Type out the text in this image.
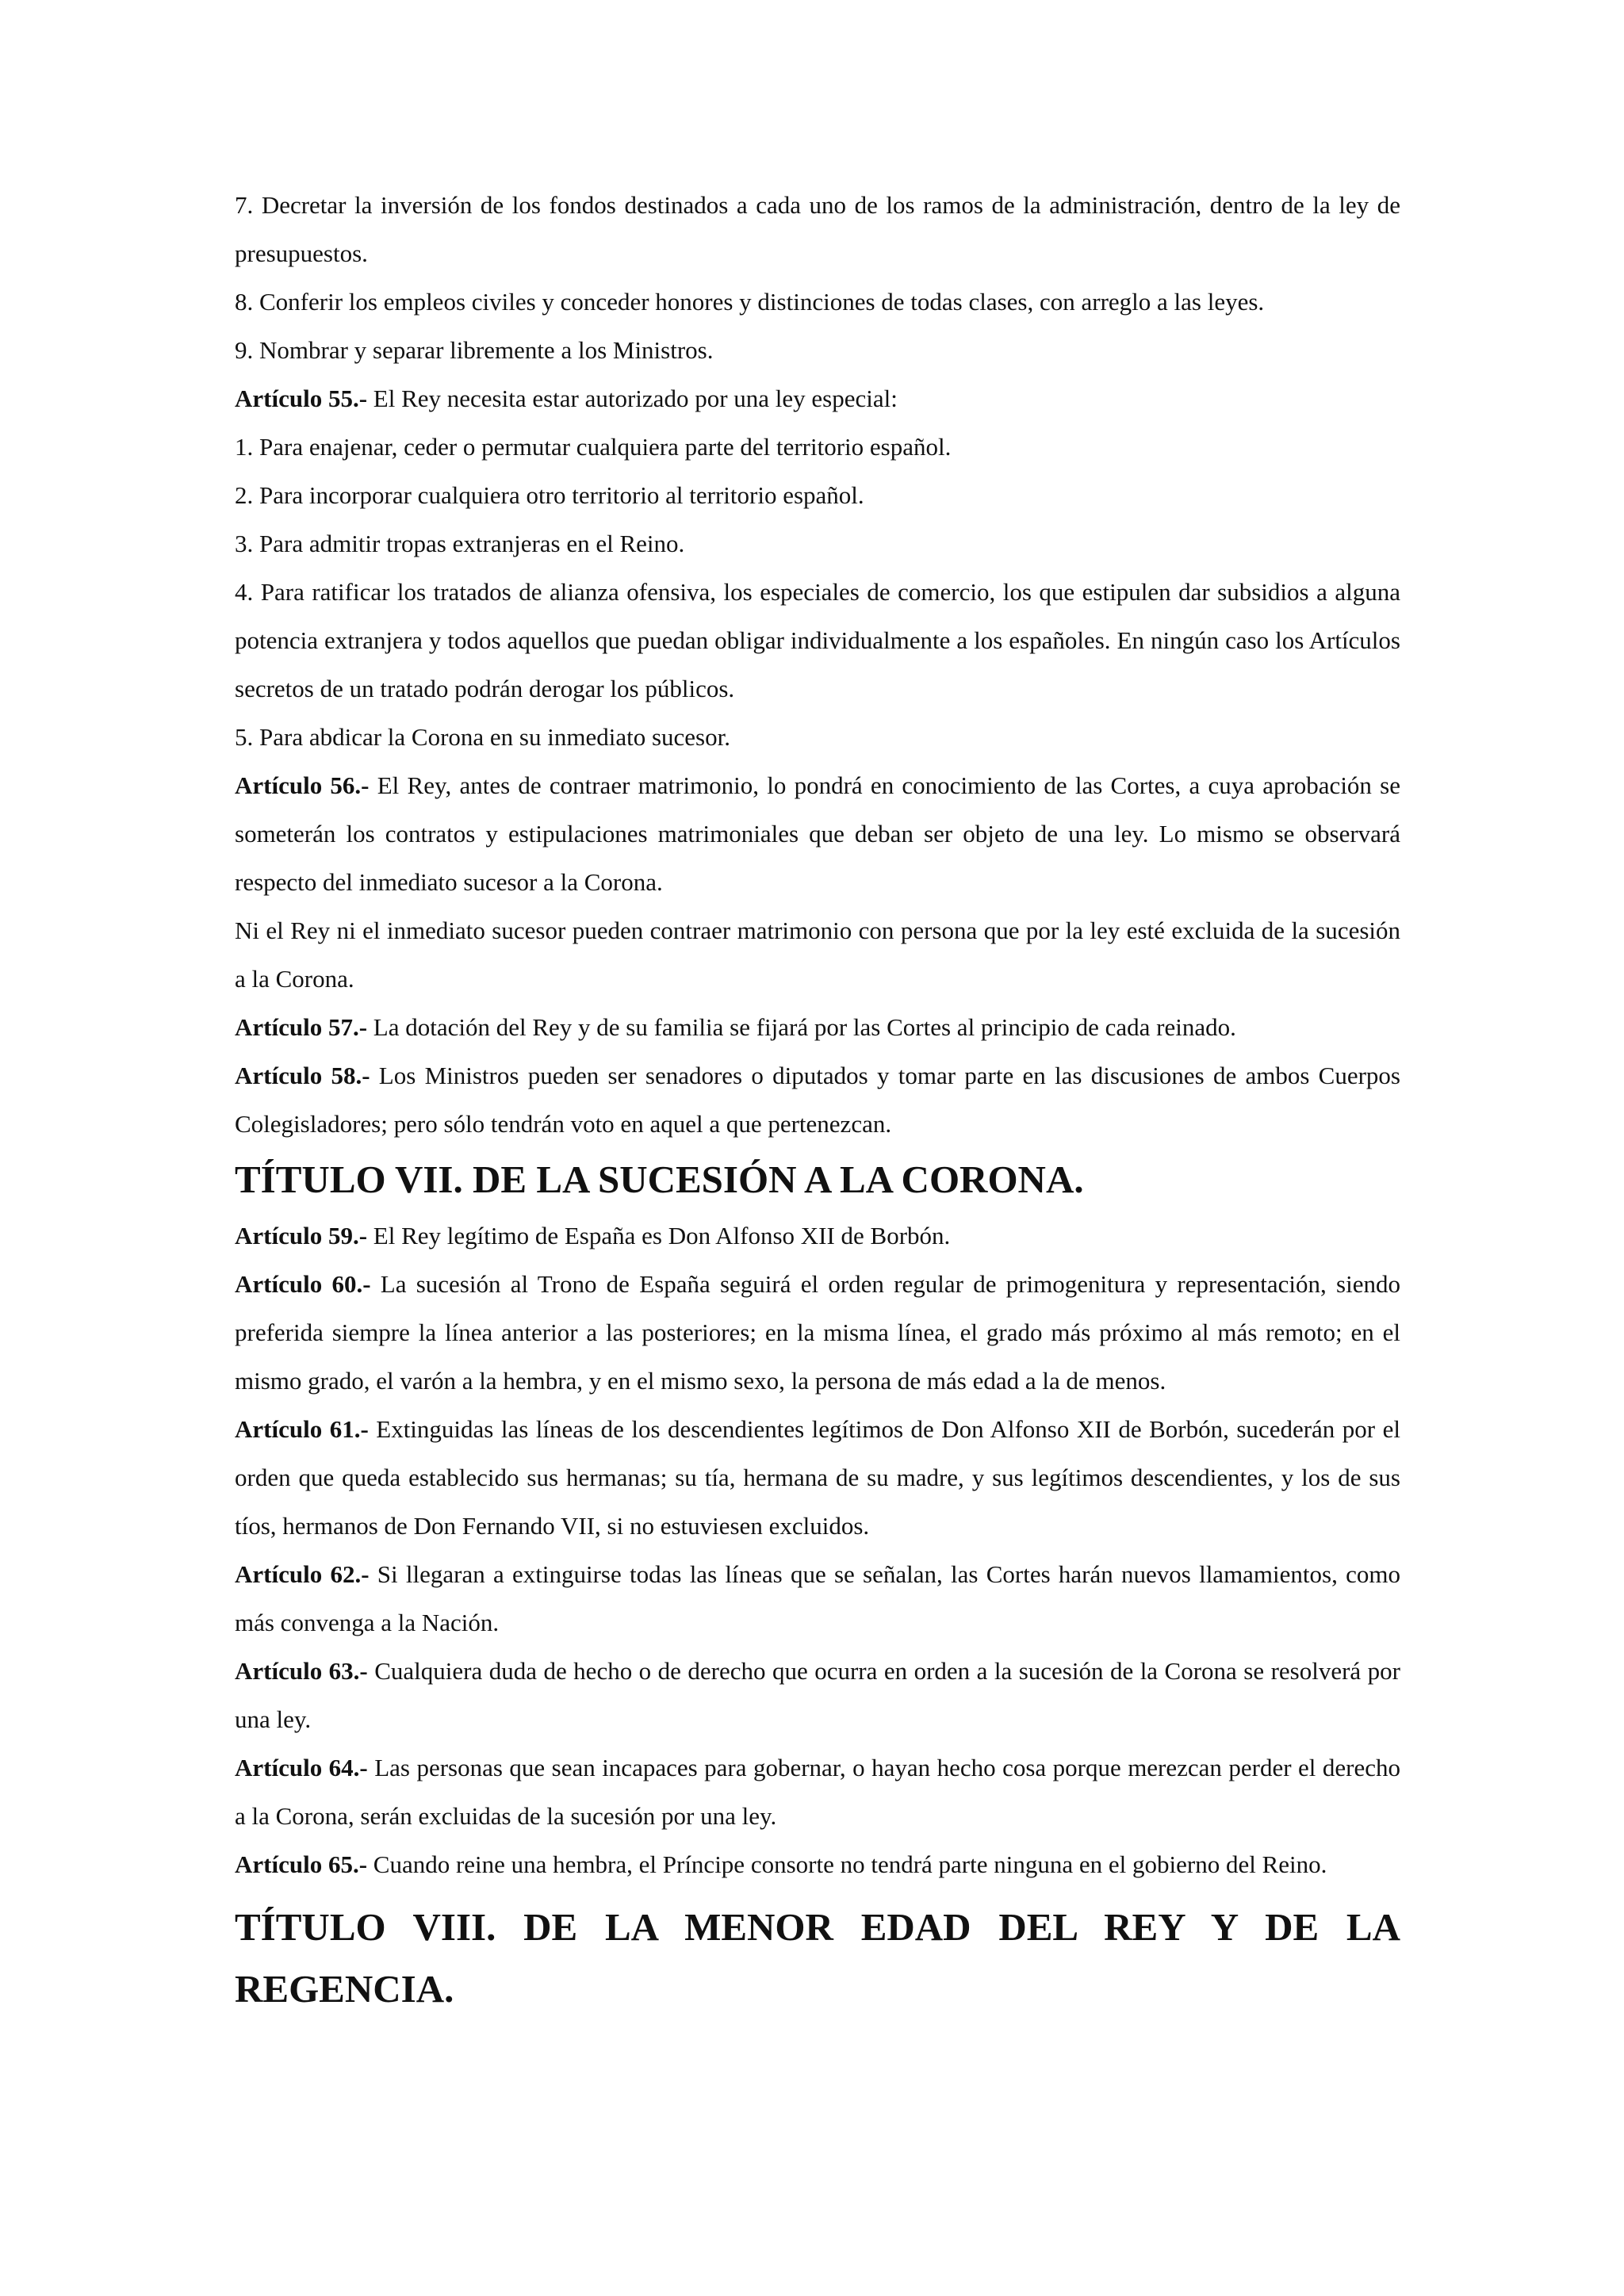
7. Decretar la inversión de los fondos destinados a cada uno de los ramos de la administración, dentro de la ley de presupuestos.

8. Conferir los empleos civiles y conceder honores y distinciones de todas clases, con arreglo a las leyes.

9. Nombrar y separar libremente a los Ministros.

Artículo 55.- El Rey necesita estar autorizado por una ley especial:

1. Para enajenar, ceder o permutar cualquiera parte del territorio español.

2. Para incorporar cualquiera otro territorio al territorio español.

3. Para admitir tropas extranjeras en el Reino.

4. Para ratificar los tratados de alianza ofensiva, los especiales de comercio, los que estipulen dar subsidios a alguna potencia extranjera y todos aquellos que puedan obligar individualmente a los españoles. En ningún caso los Artículos secretos de un tratado podrán derogar los públicos.

5. Para abdicar la Corona en su inmediato sucesor.

Artículo 56.- El Rey, antes de contraer matrimonio, lo pondrá en conocimiento de las Cortes, a cuya aprobación se someterán los contratos y estipulaciones matrimoniales que deban ser objeto de una ley. Lo mismo se observará respecto del inmediato sucesor a la Corona.

Ni el Rey ni el inmediato sucesor pueden contraer matrimonio con persona que por la ley esté excluida de la sucesión a la Corona.

Artículo 57.- La dotación del Rey y de su familia se fijará por las Cortes al principio de cada reinado.

Artículo 58.- Los Ministros pueden ser senadores o diputados y tomar parte en las discusiones de ambos Cuerpos Colegisladores; pero sólo tendrán voto en aquel a que pertenezcan.

TÍTULO VII. DE LA SUCESIÓN A LA CORONA.

Artículo 59.- El Rey legítimo de España es Don Alfonso XII de Borbón.

Artículo 60.- La sucesión al Trono de España seguirá el orden regular de primogenitura y representación, siendo preferida siempre la línea anterior a las posteriores; en la misma línea, el grado más próximo al más remoto; en el mismo grado, el varón a la hembra, y en el mismo sexo, la persona de más edad a la de menos.

Artículo 61.- Extinguidas las líneas de los descendientes legítimos de Don Alfonso XII de Borbón, sucederán por el orden que queda establecido sus hermanas; su tía, hermana de su madre, y sus legítimos descendientes, y los de sus tíos, hermanos de Don Fernando VII, si no estuviesen excluidos.

Artículo 62.- Si llegaran a extinguirse todas las líneas que se señalan, las Cortes harán nuevos llamamientos, como más convenga a la Nación.

Artículo 63.- Cualquiera duda de hecho o de derecho que ocurra en orden a la sucesión de la Corona se resolverá por una ley.

Artículo 64.- Las personas que sean incapaces para gobernar, o hayan hecho cosa porque merezcan perder el derecho a la Corona, serán excluidas de la sucesión por una ley.

Artículo 65.- Cuando reine una hembra, el Príncipe consorte no tendrá parte ninguna en el gobierno del Reino.

TÍTULO VIII. DE LA MENOR EDAD DEL REY Y DE LA REGENCIA.
